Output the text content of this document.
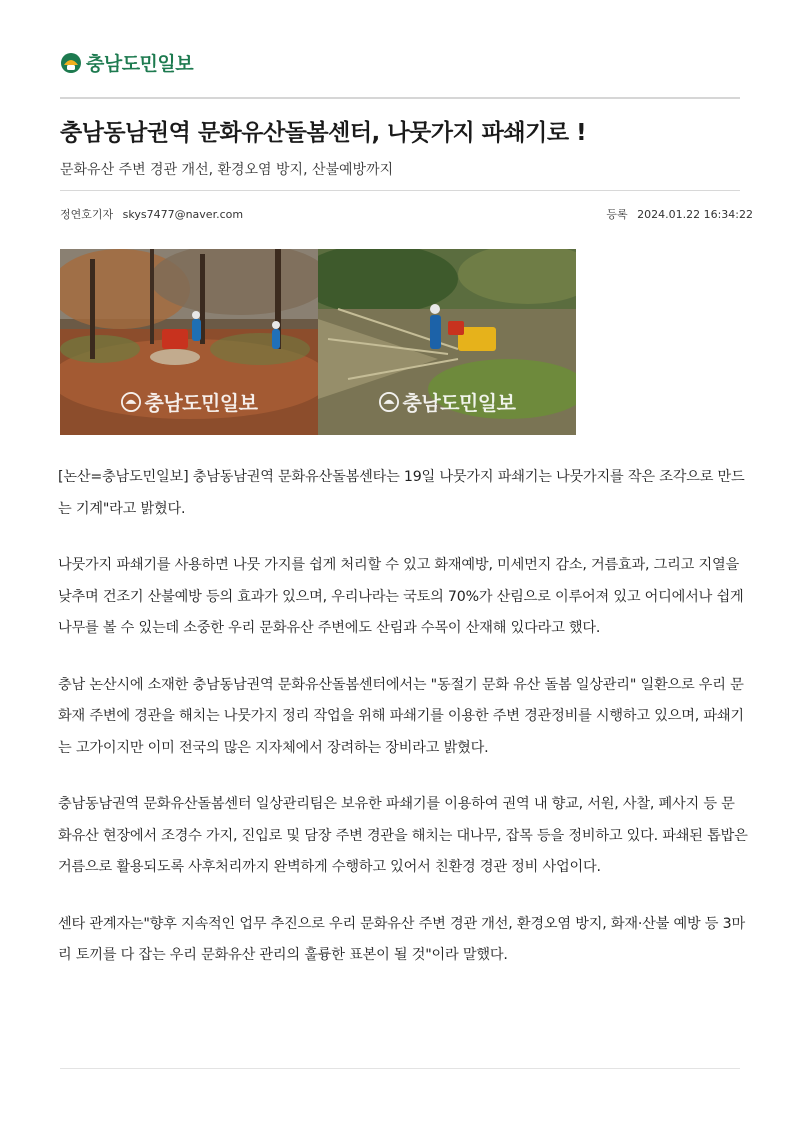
충남도민일보
충남동남권역 문화유산돌봄센터, 나뭇가지 파쇄기로 !
문화유산 주변 경관 개선, 환경오염 방지, 산불예방까지
정연호기자 skys7477@naver.com	등록 2024.01.22 16:34:22
충남도민일보	충남도민일보

[논산=충남도민일보] 충남동남권역 문화유산돌봄센타는 19일 나뭇가지 파쇄기는 나뭇가지를 작은 조각으로 만드는 기계"라고 밝혔다.

나뭇가지 파쇄기를 사용하면 나뭇 가지를 쉽게 처리할 수 있고 화재예방, 미세먼지 감소, 거름효과, 그리고 지열을 낮추며 건조기 산불예방 등의 효과가 있으며, 우리나라는 국토의 70%가 산림으로 이루어져 있고 어디에서나 쉽게 나무를 볼 수 있는데 소중한 우리 문화유산 주변에도 산림과 수목이 산재해 있다라고 했다.

충남 논산시에 소재한 충남동남권역 문화유산돌봄센터에서는 "동절기 문화 유산 돌봄 일상관리" 일환으로 우리 문화재 주변에 경관을 해치는 나뭇가지 정리 작업을 위해 파쇄기를 이용한 주변 경관정비를 시행하고 있으며, 파쇄기는 고가이지만 이미 전국의 많은 지자체에서 장려하는 장비라고 밝혔다.

충남동남권역 문화유산돌봄센터 일상관리팀은 보유한 파쇄기를 이용하여 권역 내 향교, 서원, 사찰, 폐사지 등 문화유산 현장에서 조경수 가지, 진입로 및 담장 주변 경관을 해치는 대나무, 잡목 등을 정비하고 있다. 파쇄된 톱밥은 거름으로 활용되도록 사후처리까지 완벽하게 수행하고 있어서 친환경 경관 정비 사업이다.

센타 관계자는"향후 지속적인 업무 추진으로 우리 문화유산 주변 경관 개선, 환경오염 방지, 화재·산불 예방 등 3마리 토끼를 다 잡는 우리 문화유산 관리의 훌륭한 표본이 될 것"이라 말했다.
